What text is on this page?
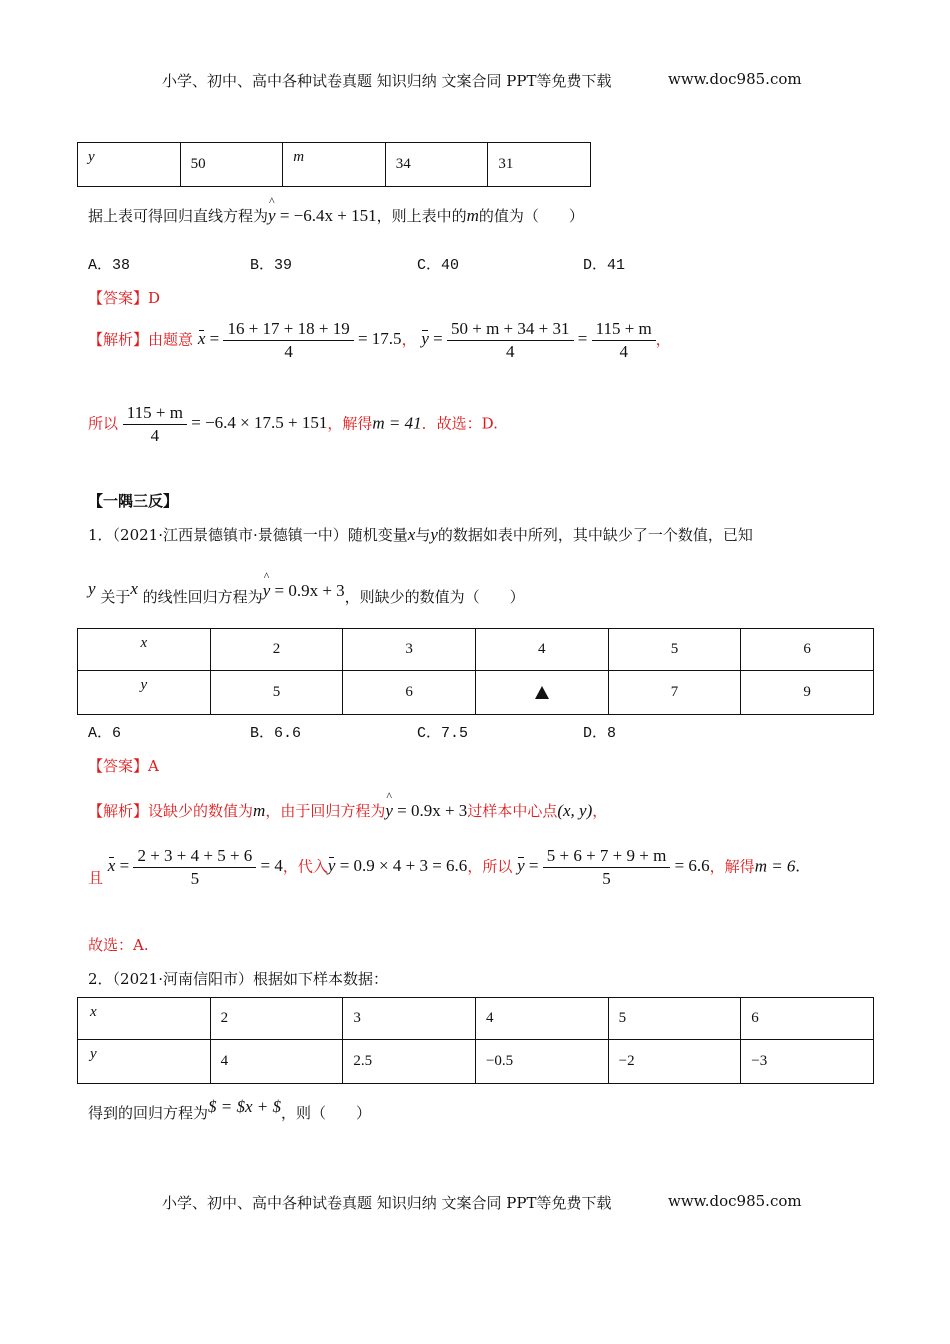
小学、初中、高中各种试卷真题 知识归纳 文案合同 PPT等免费下载	www.doc985.com
y	50	m	34	31
据上表可得回归直线方程为^ y = −6.4x + 151，则上表中的m的值为（　　）
A．38	B．39	C．40	D．41
【答案】D
【解析】由题意 $x = \frac{16 + 17 + 18 + 19}{4} = 17.5$， $y = \frac{50 + m + 34 + 31}{4} = \frac{115 + m}{4}$ ，
所以 $\frac{115 + m}{4} = -6.4 \times 17.5 + 151$，解得m = 41．故选：D.
【一隅三反】
1．（2021·江西景德镇市·景德镇一中）随机变量x与y的数据如表中所列，其中缺少了一个数值，已知
y 关于x 的线性回归方程为^ y = 0.9x + 3，则缺少的数值为（　　）
x	2	3	4	5	6
y	5	6		7	9
A．6	B．6.6	C．7.5	D．8
【答案】A
【解析】设缺少的数值为m，由于回归方程为^ y = 0.9x + 3过样本中心点(x, y)，
且 $x = \frac{2 + 3 + 4 + 5 + 6}{5} = 4$，代入y = 0.9 × 4 + 3 = 6.6，所以 $y = \frac{5 + 6 + 7 + 9 + m}{5} = 6.6$，解得m = 6.
故选：A.
2．（2021·河南信阳市）根据如下样本数据：
x	2	3	4	5	6
y	4	2.5	−0.5	−2	−3
得到的回归方程为$ = $x + $，则（　　）
小学、初中、高中各种试卷真题 知识归纳 文案合同 PPT等免费下载	www.doc985.com
